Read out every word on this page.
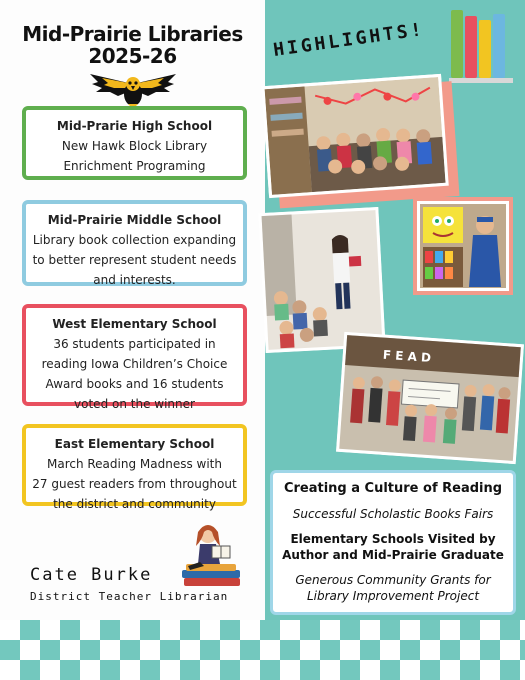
Mid-Prairie Libraries
2025-26
Mid-Prarie High School
New Hawk Block Library
Enrichment Programing
Mid-Prairie Middle School
Library book collection expanding
to better represent student needs
and interests.
West Elementary School
36 students participated in
reading Iowa Children’s Choice
Award books and 16 students
voted on the winner
East Elementary School
March Reading Madness with
27 guest readers from throughout
the district and community
Cate Burke
District Teacher Librarian
HIGHLIGHTS!
F E A D
Creating a Culture of Reading
Successful Scholastic Books Fairs
Elementary Schools Visited by
Author and Mid-Prairie Graduate
Generous Community Grants for
Library Improvement Project
